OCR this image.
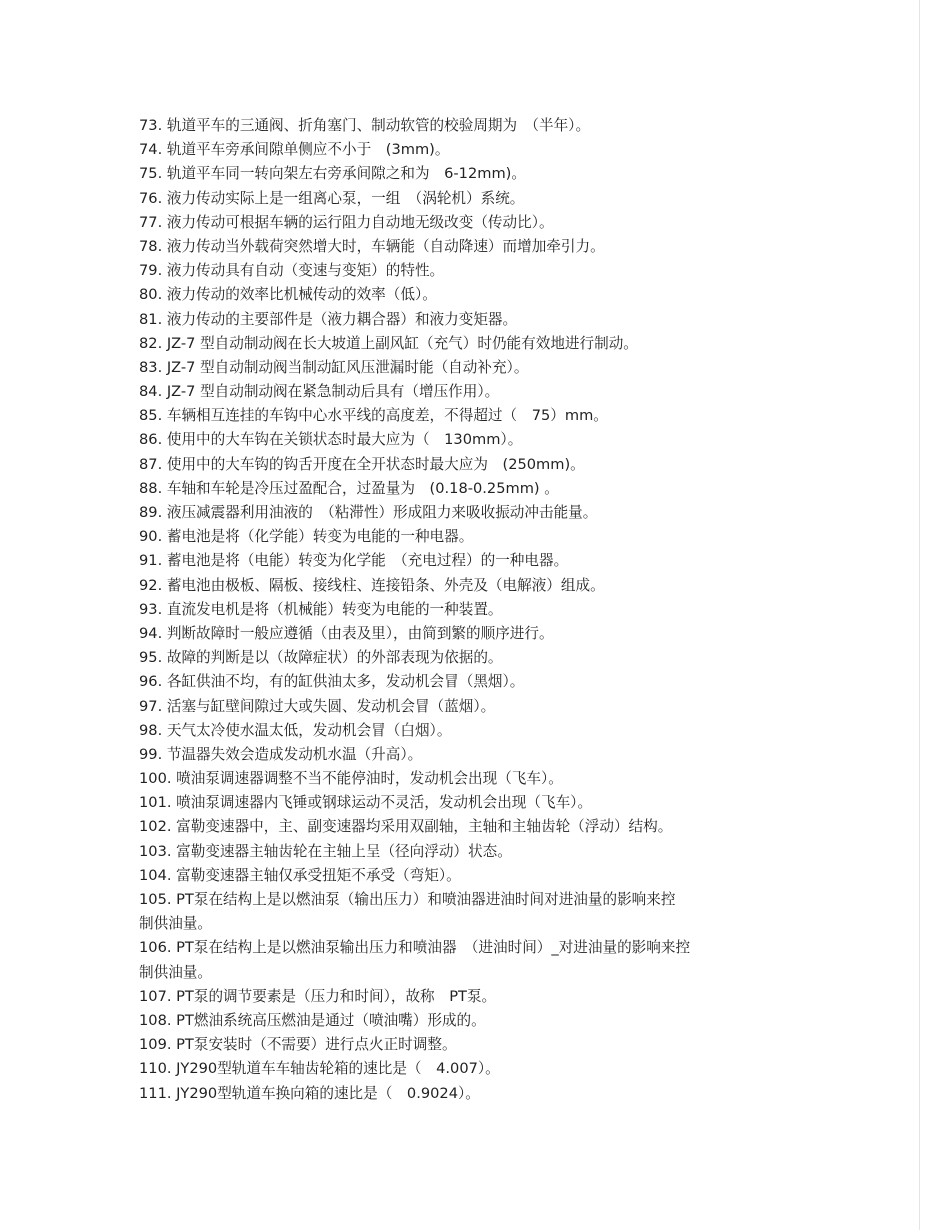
73. 轨道平车的三通阀、折角塞门、制动软管的校验周期为　（半年）。
74. 轨道平车旁承间隙单侧应不小于　(3mm)。
75. 轨道平车同一转向架左右旁承间隙之和为　6-12mm)。
76. 液力传动实际上是一组离心泵，一组　（涡轮机）系统。
77. 液力传动可根据车辆的运行阻力自动地无级改变（传动比）。
78. 液力传动当外载荷突然增大时，车辆能（自动降速）而增加牵引力。
79. 液力传动具有自动（变速与变矩）的特性。
80. 液力传动的效率比机械传动的效率（低）。
81. 液力传动的主要部件是（液力耦合器）和液力变矩器。
82. JZ-7 型自动制动阀在长大坡道上副风缸（充气）时仍能有效地进行制动。
83. JZ-7 型自动制动阀当制动缸风压泄漏时能（自动补充）。
84. JZ-7 型自动制动阀在紧急制动后具有（增压作用）。
85. 车辆相互连挂的车钩中心水平线的高度差，不得超过（　75）mm。
86. 使用中的大车钩在关锁状态时最大应为（　130mm）。
87. 使用中的大车钩的钩舌开度在全开状态时最大应为　(250mm)。
88. 车轴和车轮是冷压过盈配合，过盈量为　(0.18-0.25mm) 。
89. 液压减震器利用油液的　（粘滞性）形成阻力来吸收振动冲击能量。
90. 蓄电池是将（化学能）转变为电能的一种电器。
91. 蓄电池是将（电能）转变为化学能　（充电过程）的一种电器。
92. 蓄电池由极板、隔板、接线柱、连接铅条、外壳及（电解液）组成。
93. 直流发电机是将（机械能）转变为电能的一种装置。
94. 判断故障时一般应遵循（由表及里），由简到繁的顺序进行。
95. 故障的判断是以（故障症状）的外部表现为依据的。
96. 各缸供油不均，有的缸供油太多，发动机会冒（黑烟）。
97. 活塞与缸壁间隙过大或失圆、发动机会冒（蓝烟）。
98. 天气太冷使水温太低，发动机会冒（白烟）。
99. 节温器失效会造成发动机水温（升高）。
100. 喷油泵调速器调整不当不能停油时，发动机会出现（飞车）。
101. 喷油泵调速器内飞锤或钢球运动不灵活，发动机会出现（飞车）。
102. 富勒变速器中，主、副变速器均采用双副轴，主轴和主轴齿轮（浮动）结构。
103. 富勒变速器主轴齿轮在主轴上呈（径向浮动）状态。
104. 富勒变速器主轴仅承受扭矩不承受（弯矩）。
105. PT泵在结构上是以燃油泵（输出压力）和喷油器进油时间对进油量的影响来控
制供油量。
106. PT泵在结构上是以燃油泵输出压力和喷油器　（进油时间）_对进油量的影响来控
制供油量。
107. PT泵的调节要素是（压力和时间），故称　PT泵。
108. PT燃油系统高压燃油是通过（喷油嘴）形成的。
109. PT泵安装时（不需要）进行点火正时调整。
110. JY290型轨道车车轴齿轮箱的速比是（　4.007）。
111. JY290型轨道车换向箱的速比是（　0.9024）。
